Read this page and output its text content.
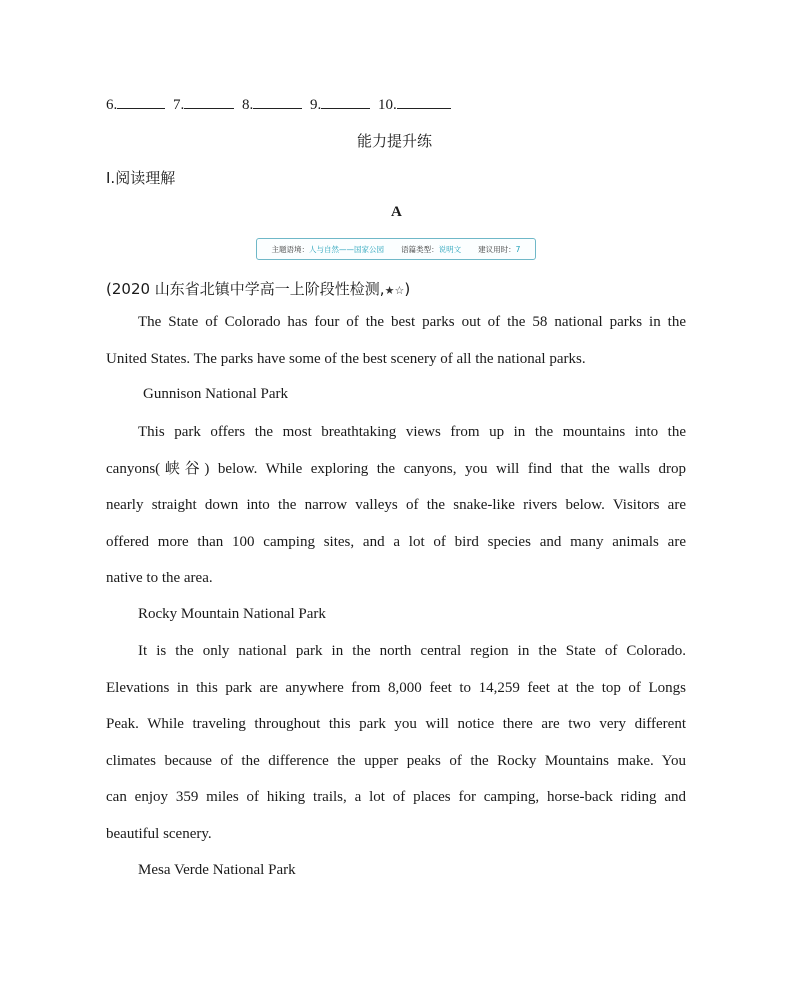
6.	7.	8.	9.	10.
能力提升练
Ⅰ.阅读理解
A
主题语境：人与自然——国家公园 语篇类型：说明文 建议用时：7
(2020 山东省北镇中学高一上阶段性检测,★☆)
The State of Colorado has four of the best parks out of the 58 national parks in the
United States. The parks have some of the best scenery of all the national parks.
Gunnison National Park
This park offers the most breathtaking views from up in the mountains into the
canyons(峡谷) below. While exploring the canyons, you will find that the walls drop
nearly straight down into the narrow valleys of the snake-like rivers below. Visitors are
offered more than 100 camping sites, and a lot of bird species and many animals are
native to the area.
Rocky Mountain National Park
It is the only national park in the north central region in the State of Colorado.
Elevations in this park are anywhere from 8,000 feet to 14,259 feet at the top of Longs
Peak. While traveling throughout this park you will notice there are two very different
climates because of the difference the upper peaks of the Rocky Mountains make. You
can enjoy 359 miles of hiking trails, a lot of places for camping, horse-back riding and
beautiful scenery.
Mesa Verde National Park
